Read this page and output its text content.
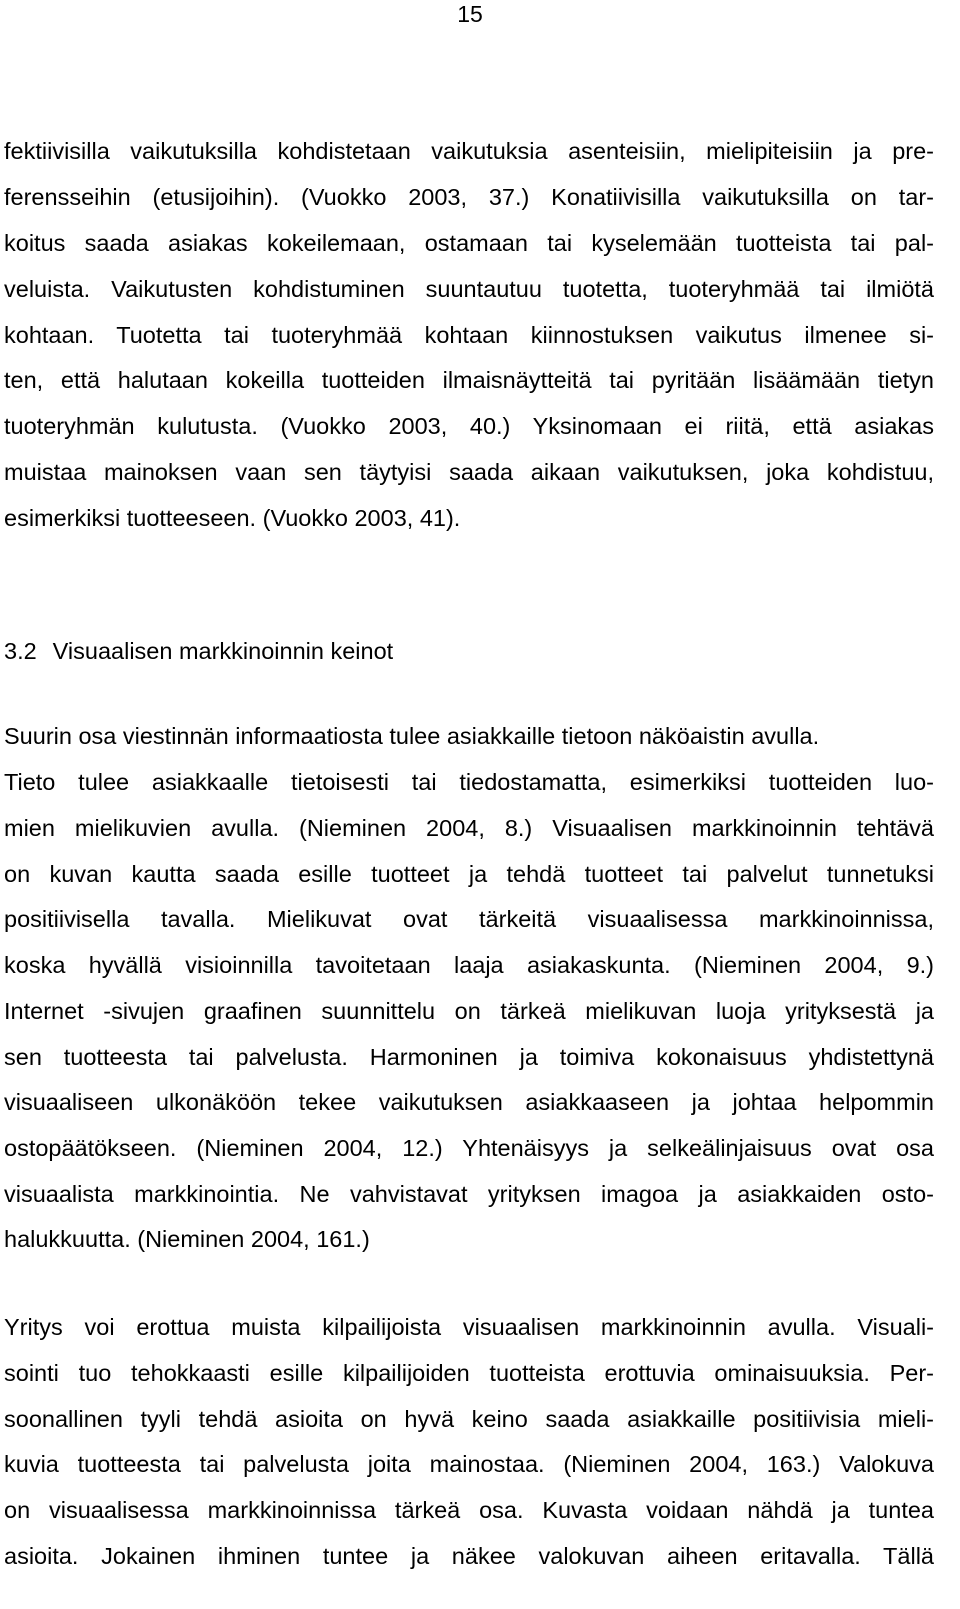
15
fektiivisilla vaikutuksilla kohdistetaan vaikutuksia asenteisiin, mielipiteisiin ja pre-
ferensseihin (etusijoihin). (Vuokko 2003, 37.) Konatiivisilla vaikutuksilla on tar-
koitus saada asiakas kokeilemaan, ostamaan tai kyselemään tuotteista tai pal-
veluista. Vaikutusten kohdistuminen suuntautuu tuotetta, tuoteryhmää tai ilmiötä
kohtaan. Tuotetta tai tuoteryhmää kohtaan kiinnostuksen vaikutus ilmenee si-
ten, että halutaan kokeilla tuotteiden ilmaisnäytteitä tai pyritään lisäämään tietyn
tuoteryhmän kulutusta. (Vuokko 2003, 40.) Yksinomaan ei riitä, että asiakas
muistaa mainoksen vaan sen täytyisi saada aikaan vaikutuksen, joka kohdistuu,
esimerkiksi tuotteeseen. (Vuokko 2003, 41).
3.2 Visuaalisen markkinoinnin keinot
Suurin osa viestinnän informaatiosta tulee asiakkaille tietoon näköaistin avulla.
Tieto tulee asiakkaalle tietoisesti tai tiedostamatta, esimerkiksi tuotteiden luo-
mien mielikuvien avulla. (Nieminen 2004, 8.) Visuaalisen markkinoinnin tehtävä
on kuvan kautta saada esille tuotteet ja tehdä tuotteet tai palvelut tunnetuksi
positiivisella tavalla. Mielikuvat ovat tärkeitä visuaalisessa markkinoinnissa,
koska hyvällä visioinnilla tavoitetaan laaja asiakaskunta. (Nieminen 2004, 9.)
Internet -sivujen graafinen suunnittelu on tärkeä mielikuvan luoja yrityksestä ja
sen tuotteesta tai palvelusta. Harmoninen ja toimiva kokonaisuus yhdistettynä
visuaaliseen ulkonäköön tekee vaikutuksen asiakkaaseen ja johtaa helpommin
ostopäätökseen. (Nieminen 2004, 12.) Yhtenäisyys ja selkeälinjaisuus ovat osa
visuaalista markkinointia. Ne vahvistavat yrityksen imagoa ja asiakkaiden osto-
halukkuutta. (Nieminen 2004, 161.)
Yritys voi erottua muista kilpailijoista visuaalisen markkinoinnin avulla. Visuali-
sointi tuo tehokkaasti esille kilpailijoiden tuotteista erottuvia ominaisuuksia. Per-
soonallinen tyyli tehdä asioita on hyvä keino saada asiakkaille positiivisia mieli-
kuvia tuotteesta tai palvelusta joita mainostaa. (Nieminen 2004, 163.) Valokuva
on visuaalisessa markkinoinnissa tärkeä osa. Kuvasta voidaan nähdä ja tuntea
asioita. Jokainen ihminen tuntee ja näkee valokuvan aiheen eritavalla. Tällä
